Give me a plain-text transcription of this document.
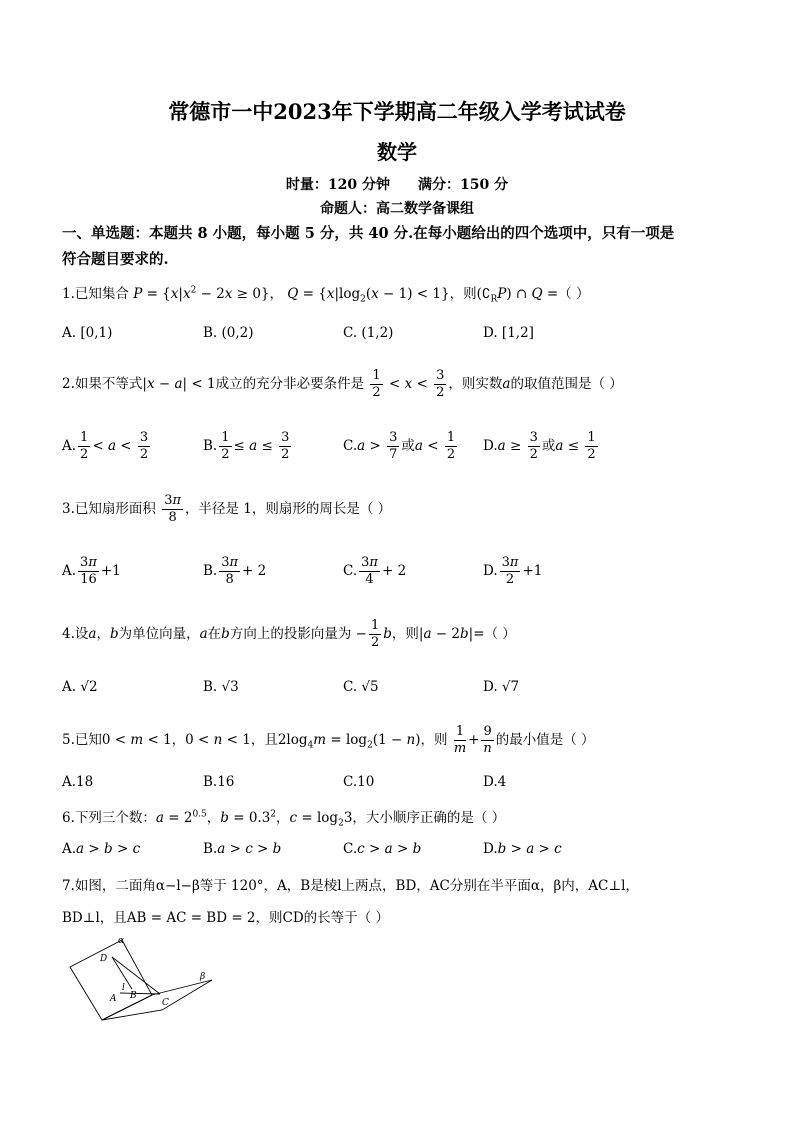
常德市一中2023年下学期高二年级入学考试试卷
数学
时量：120 分钟 满分：150 分
命题人：高二数学备课组
一、单选题：本题共 8 小题，每小题 5 分，共 40 分.在每小题给出的四个选项中，只有一项是
符合题目要求的.
1.已知集合 $P = \{x|x^2 - 2x \ge 0\}$， $Q = \{x|\log_2(x - 1) < 1\}$，则$(∁_RP)$ ∩ Q =（ ）
A. [0,1)	B. (0,2)	C. (1,2)	D. [1,2]
2.如果不等式|x − a| < 1成立的充分非必要条件是 $\frac{1}{2} < x < \frac{3}{2}$ ，则实数a的取值范围是（ ）
A. $\frac{1}{2} < a < \frac{3}{2}$	B. $\frac{1}{2} \le a \le \frac{3}{2}$	$C.a > \frac{3}{7}$ 或$a < \frac{1}{2} D.a \ge \frac{3}{2}$ 或$a \le \frac{1}{2}$
3.已知扇形面积 $\frac{3\pi}{8}$ ，半径是 1，则扇形的周长是（ ）
A. $\frac{3\pi}{16} +1$	B. $\frac{3\pi}{8} + 2$	C. $\frac{3\pi}{4} + 2$	D. $\frac{3\pi}{2} +1$
4.设a，b为单位向量，a在b方向上的投影向量为 − $\frac{1}{2}$ b，则|a − 2b|=（ ）
A. √2	B. √3	C. √5	D. √7
5.已知0 < m < 1，0 < n < 1，且$2\log_4m = \log_2(1 - n)$，则 $\frac{1}{m} + \frac{9}{n}$ 的最小值是（ ）
A.18	B.16	C.10	D.4
6.下列三个数：$a = 2^{0.5}$，$b = 0.3^2$，$c = \log_23$，大小顺序正确的是（ ）
A.a > b > c	B.a > c > b	C.c > a > b	D.b > a > c
7.如图，二面角α−l−β等于 120°，A，B是棱l上两点，BD，AC分别在半平面α，β内，AC⊥l，
BD⊥l，且AB = AC = BD = 2，则CD的长等于（ ）
α
β
D
A
l
B
C
